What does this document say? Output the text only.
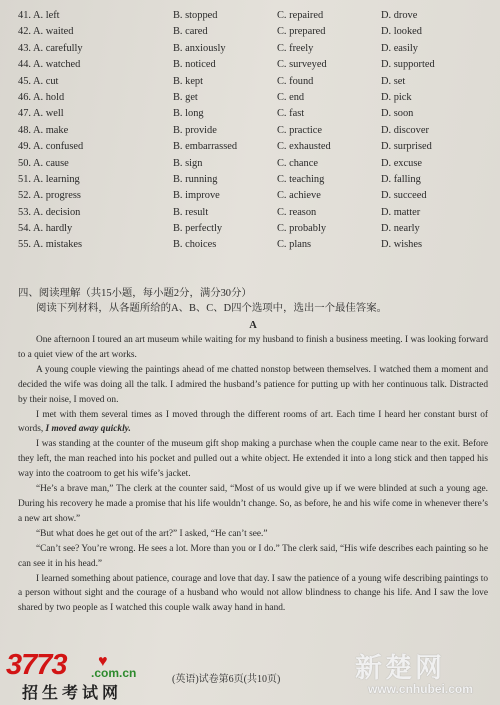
41. A. left	B. stopped	C. repaired	D. drove
42. A. waited	B. cared	C. prepared	D. looked
43. A. carefully	B. anxiously	C. freely	D. easily
44. A. watched	B. noticed	C. surveyed	D. supported
45. A. cut	B. kept	C. found	D. set
46. A. hold	B. get	C. end	D. pick
47. A. well	B. long	C. fast	D. soon
48. A. make	B. provide	C. practice	D. discover
49. A. confused	B. embarrassed	C. exhausted	D. surprised
50. A. cause	B. sign	C. chance	D. excuse
51. A. learning	B. running	C. teaching	D. falling
52. A. progress	B. improve	C. achieve	D. succeed
53. A. decision	B. result	C. reason	D. matter
54. A. hardly	B. perfectly	C. probably	D. nearly
55. A. mistakes	B. choices	C. plans	D. wishes
四、阅读理解（共15小题，每小题2分，满分30分）
阅读下列材料，从各题所给的A、B、C、D四个选项中，选出一个最佳答案。
A

One afternoon I toured an art museum while waiting for my husband to finish a business meeting. I was looking forward to a quiet view of the art works.

A young couple viewing the paintings ahead of me chatted nonstop between themselves. I watched them a moment and decided the wife was doing all the talk. I admired the husband’s patience for putting up with her continuous talk. Distracted by their noise, I moved on.

I met with them several times as I moved through the different rooms of art. Each time I heard her constant burst of words, I moved away quickly.

I was standing at the counter of the museum gift shop making a purchase when the couple came near to the exit. Before they left, the man reached into his pocket and pulled out a white object. He extended it into a long stick and then tapped his way into the coatroom to get his wife’s jacket.

“He’s a brave man,” The clerk at the counter said, “Most of us would give up if we were blinded at such a young age. During his recovery he made a promise that his life wouldn’t change. So, as before, he and his wife come in whenever there’s a new art show.”

“But what does he get out of the art?” I asked, “He can’t see.”

“Can’t see? You’re wrong. He sees a lot. More than you or I do.” The clerk said, “His wife describes each painting so he can see it in his head.”

I learned something about patience, courage and love that day. I saw the patience of a young wife describing paintings to a person without sight and the courage of a husband who would not allow blindness to change his life. And I saw the love shared by two people as I watched this couple walk away hand in hand.

3773 ♥
.com.cn
招生考试网
(英语)试卷第6页(共10页)	新楚网
www.cnhubei.com
